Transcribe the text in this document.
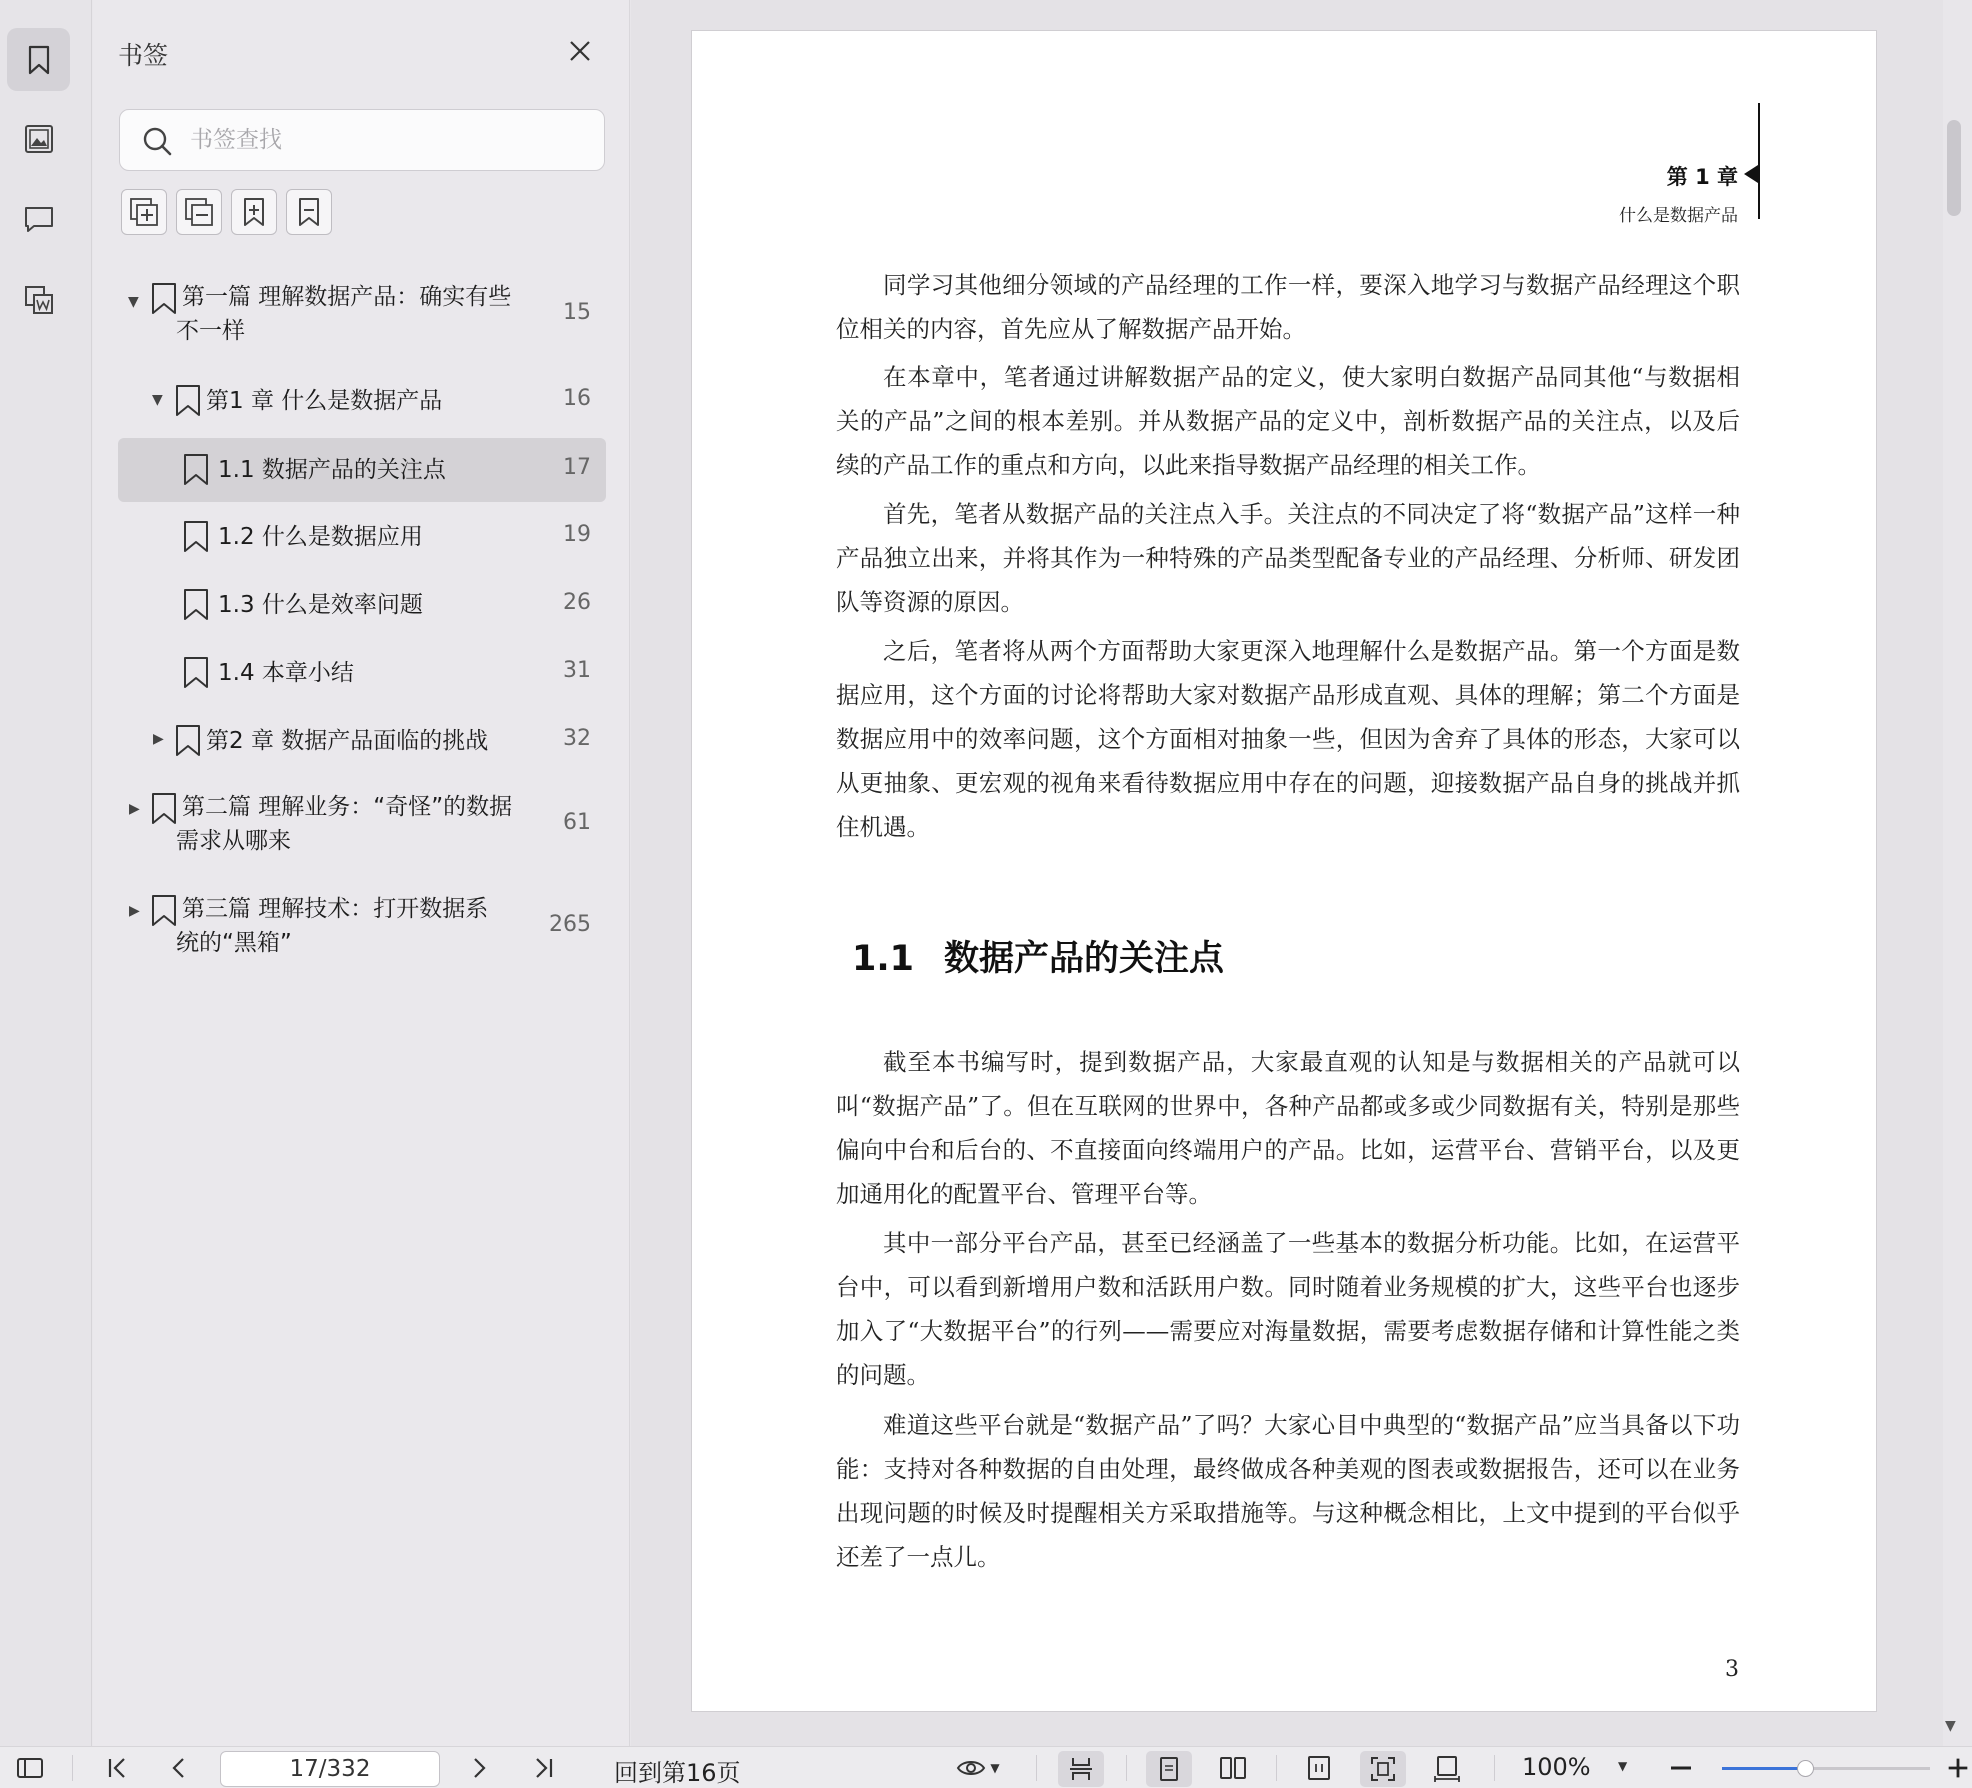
书签
书签查找
▼ 第一篇 理解数据产品：确实有些
不一样
15
▼ 第1 章 什么是数据产品	16
1.1 数据产品的关注点	17
1.2 什么是数据应用	19
1.3 什么是效率问题	26
1.4 本章小结	31
▶ 第2 章 数据产品面临的挑战	32
▶ 第二篇 理解业务：“奇怪”的数据
需求从哪来
61
▶ 第三篇 理解技术：打开数据系
统的“黑箱”
265
第 1 章
什么是数据产品

同学习其他细分领域的产品经理的工作一样，要深入地学习与数据产品经理这个职位相关的内容，首先应从了解数据产品开始。

在本章中，笔者通过讲解数据产品的定义，使大家明白数据产品同其他“与数据相关的产品”之间的根本差别。并从数据产品的定义中，剖析数据产品的关注点，以及后续的产品工作的重点和方向，以此来指导数据产品经理的相关工作。

首先，笔者从数据产品的关注点入手。关注点的不同决定了将“数据产品”这样一种产品独立出来，并将其作为一种特殊的产品类型配备专业的产品经理、分析师、研发团队等资源的原因。

之后，笔者将从两个方面帮助大家更深入地理解什么是数据产品。第一个方面是数据应用，这个方面的讨论将帮助大家对数据产品形成直观、具体的理解；第二个方面是数据应用中的效率问题，这个方面相对抽象一些，但因为舍弃了具体的形态，大家可以从更抽象、更宏观的视角来看待数据应用中存在的问题，迎接数据产品自身的挑战并抓住机遇。

1.1 数据产品的关注点

截至本书编写时，提到数据产品，大家最直观的认知是与数据相关的产品就可以叫“数据产品”了。但在互联网的世界中，各种产品都或多或少同数据有关，特别是那些偏向中台和后台的、不直接面向终端用户的产品。比如，运营平台、营销平台，以及更加通用化的配置平台、管理平台等。

其中一部分平台产品，甚至已经涵盖了一些基本的数据分析功能。比如，在运营平台中，可以看到新增用户数和活跃用户数。同时随着业务规模的扩大，这些平台也逐步加入了“大数据平台”的行列——需要应对海量数据，需要考虑数据存储和计算性能之类的问题。

难道这些平台就是“数据产品”了吗？大家心目中典型的“数据产品”应当具备以下功能：支持对各种数据的自由处理，最终做成各种美观的图表或数据报告，还可以在业务出现问题的时候及时提醒相关方采取措施等。与这种概念相比，上文中提到的平台似乎还差了一点儿。

3
▼
17/332
回到第16页	▼	100% ▼
